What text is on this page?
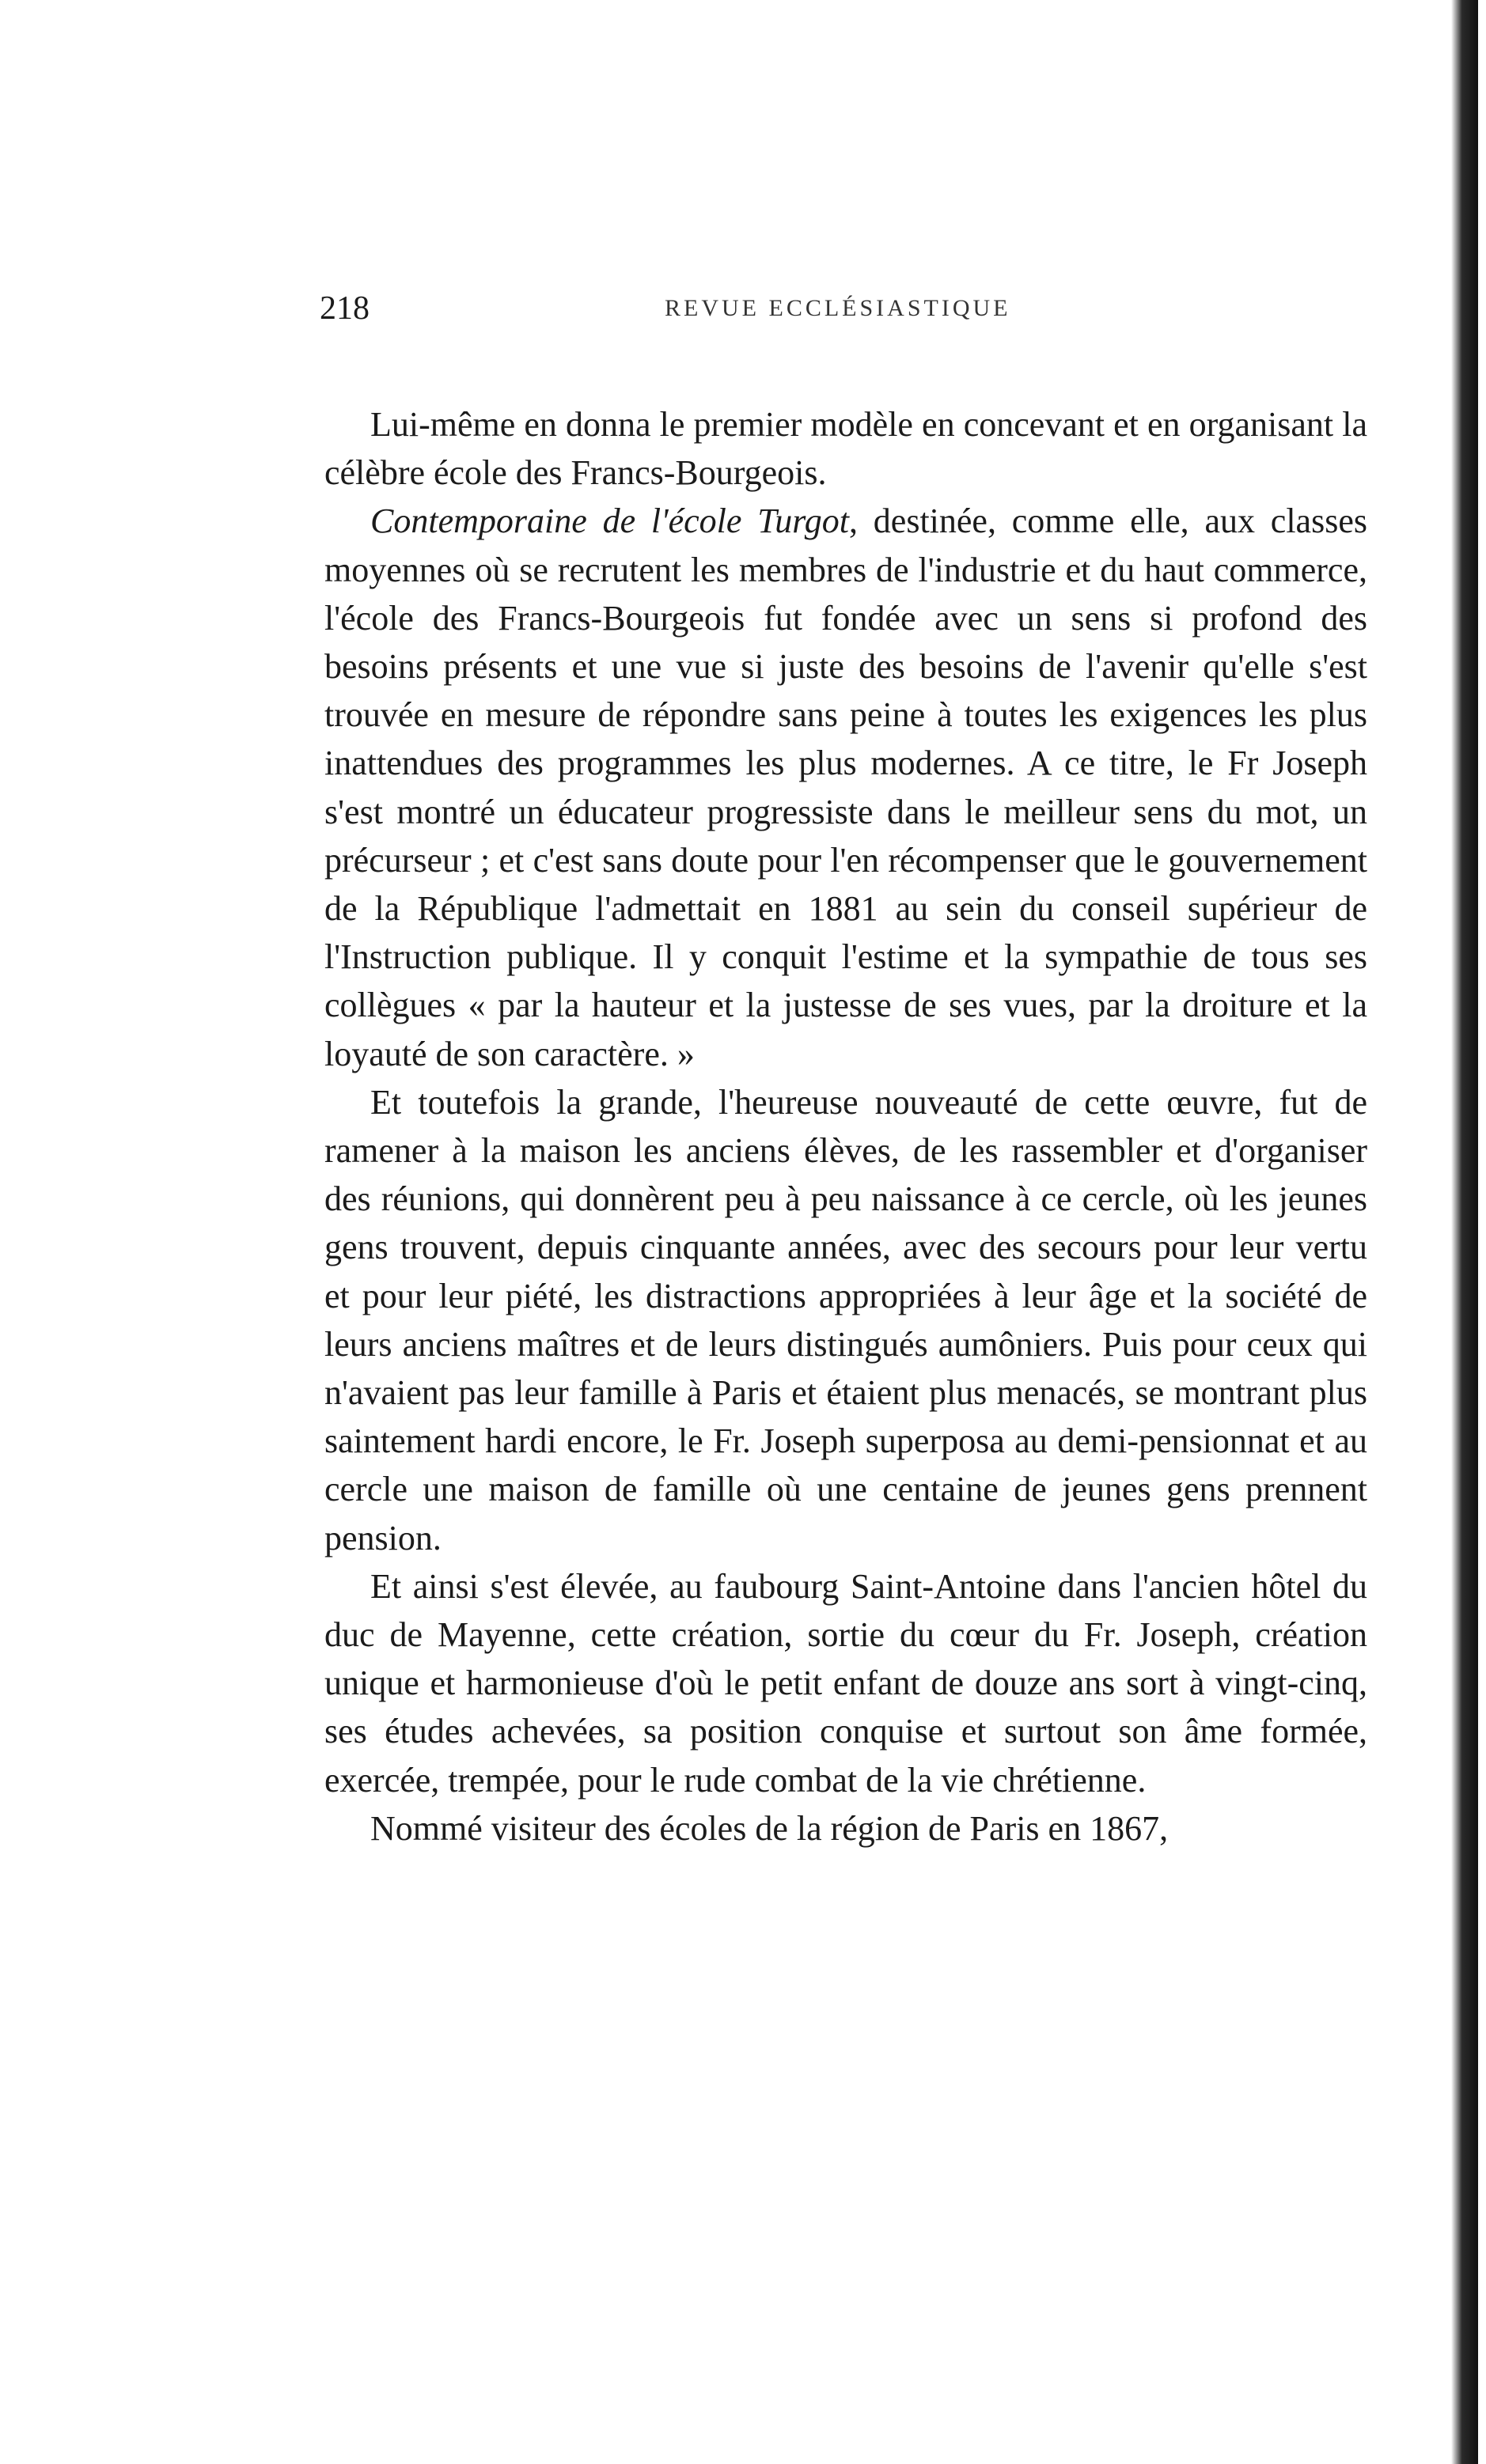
218	REVUE ECCLÉSIASTIQUE

Lui-même en donna le premier modèle en concevant et en organisant la célèbre école des Francs-Bourgeois.

Contemporaine de l'école Turgot, destinée, comme elle, aux classes moyennes où se recrutent les membres de l'industrie et du haut commerce, l'école des Francs-Bourgeois fut fondée avec un sens si profond des besoins présents et une vue si juste des besoins de l'avenir qu'elle s'est trouvée en mesure de répondre sans peine à toutes les exigences les plus inattendues des programmes les plus modernes. A ce titre, le Fr Joseph s'est montré un éducateur progressiste dans le meilleur sens du mot, un précurseur ; et c'est sans doute pour l'en récompenser que le gouvernement de la République l'admettait en 1881 au sein du conseil supérieur de l'Instruction publique. Il y conquit l'estime et la sympathie de tous ses collègues « par la hauteur et la justesse de ses vues, par la droiture et la loyauté de son caractère. »

Et toutefois la grande, l'heureuse nouveauté de cette œuvre, fut de ramener à la maison les anciens élèves, de les rassembler et d'organiser des réunions, qui donnèrent peu à peu naissance à ce cercle, où les jeunes gens trouvent, depuis cinquante années, avec des secours pour leur vertu et pour leur piété, les distractions appropriées à leur âge et la société de leurs anciens maîtres et de leurs distingués aumôniers. Puis pour ceux qui n'avaient pas leur famille à Paris et étaient plus menacés, se montrant plus saintement hardi encore, le Fr. Joseph superposa au demi-pensionnat et au cercle une maison de famille où une centaine de jeunes gens prennent pension.

Et ainsi s'est élevée, au faubourg Saint-Antoine dans l'ancien hôtel du duc de Mayenne, cette création, sortie du cœur du Fr. Joseph, création unique et harmonieuse d'où le petit enfant de douze ans sort à vingt-cinq, ses études achevées, sa position conquise et surtout son âme formée, exercée, trempée, pour le rude combat de la vie chrétienne.

Nommé visiteur des écoles de la région de Paris en 1867,
